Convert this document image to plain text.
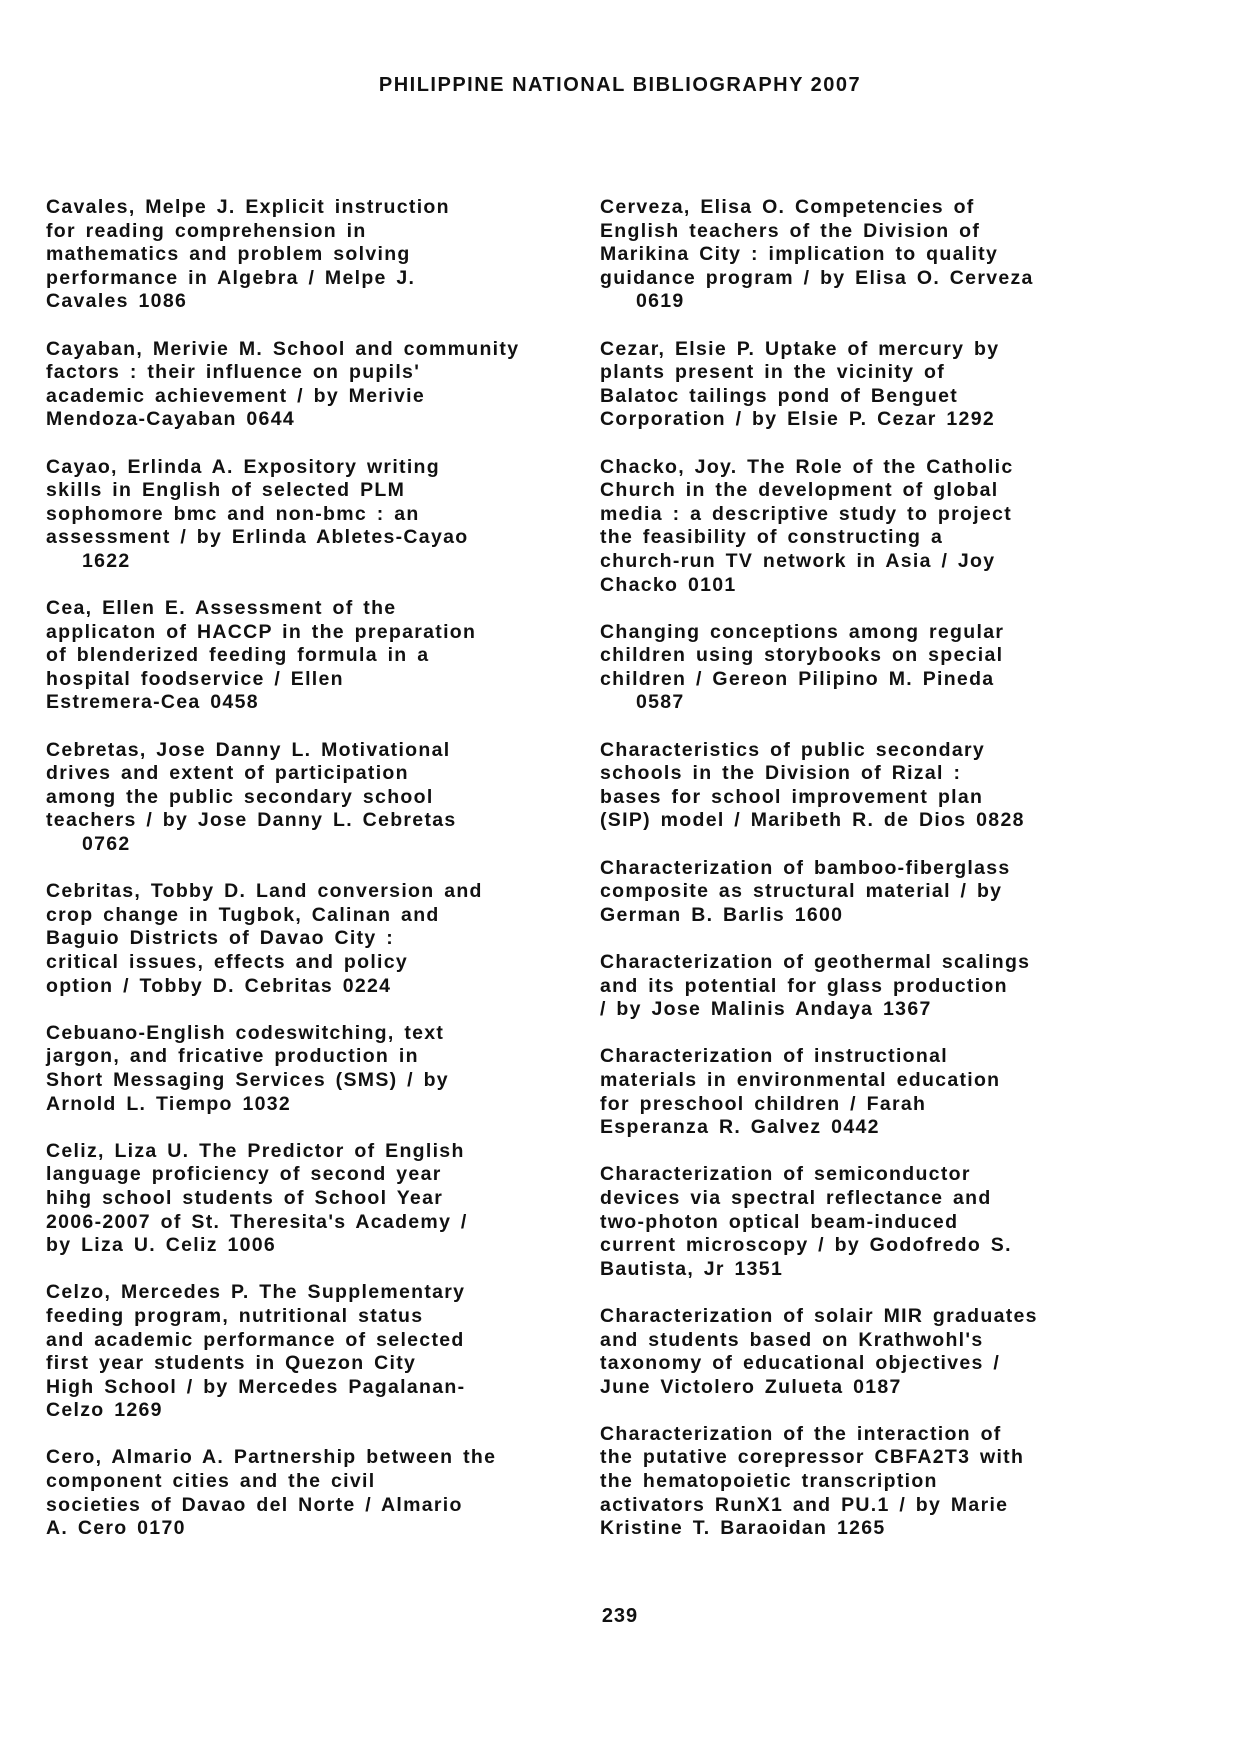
PHILIPPINE NATIONAL BIBLIOGRAPHY 2007
Cavales, Melpe J. Explicit instruction
for reading comprehension in
mathematics and problem solving
performance in Algebra / Melpe J.
Cavales 1086
Cayaban, Merivie M. School and community
factors : their influence on pupils'
academic achievement / by Merivie
Mendoza-Cayaban 0644
Cayao, Erlinda A. Expository writing
skills in English of selected PLM
sophomore bmc and non-bmc : an
assessment / by Erlinda Abletes-Cayao
1622
Cea, Ellen E. Assessment of the
applicaton of HACCP in the preparation
of blenderized feeding formula in a
hospital foodservice / Ellen
Estremera-Cea 0458
Cebretas, Jose Danny L. Motivational
drives and extent of participation
among the public secondary school
teachers / by Jose Danny L. Cebretas
0762
Cebritas, Tobby D. Land conversion and
crop change in Tugbok, Calinan and
Baguio Districts of Davao City :
critical issues, effects and policy
option / Tobby D. Cebritas 0224
Cebuano-English codeswitching, text
jargon, and fricative production in
Short Messaging Services (SMS) / by
Arnold L. Tiempo 1032
Celiz, Liza U. The Predictor of English
language proficiency of second year
hihg school students of School Year
2006-2007 of St. Theresita's Academy /
by Liza U. Celiz 1006
Celzo, Mercedes P. The Supplementary
feeding program, nutritional status
and academic performance of selected
first year students in Quezon City
High School / by Mercedes Pagalanan-
Celzo 1269
Cero, Almario A. Partnership between the
component cities and the civil
societies of Davao del Norte / Almario
A. Cero 0170
Cerveza, Elisa O. Competencies of
English teachers of the Division of
Marikina City : implication to quality
guidance program / by Elisa O. Cerveza
0619
Cezar, Elsie P. Uptake of mercury by
plants present in the vicinity of
Balatoc tailings pond of Benguet
Corporation / by Elsie P. Cezar 1292
Chacko, Joy. The Role of the Catholic
Church in the development of global
media : a descriptive study to project
the feasibility of constructing a
church-run TV network in Asia / Joy
Chacko 0101
Changing conceptions among regular
children using storybooks on special
children / Gereon Pilipino M. Pineda
0587
Characteristics of public secondary
schools in the Division of Rizal :
bases for school improvement plan
(SIP) model / Maribeth R. de Dios 0828
Characterization of bamboo-fiberglass
composite as structural material / by
German B. Barlis 1600
Characterization of geothermal scalings
and its potential for glass production
/ by Jose Malinis Andaya 1367
Characterization of instructional
materials in environmental education
for preschool children / Farah
Esperanza R. Galvez 0442
Characterization of semiconductor
devices via spectral reflectance and
two-photon optical beam-induced
current microscopy / by Godofredo S.
Bautista, Jr 1351
Characterization of solair MIR graduates
and students based on Krathwohl's
taxonomy of educational objectives /
June Victolero Zulueta 0187
Characterization of the interaction of
the putative corepressor CBFA2T3 with
the hematopoietic transcription
activators RunX1 and PU.1 / by Marie
Kristine T. Baraoidan 1265
239
